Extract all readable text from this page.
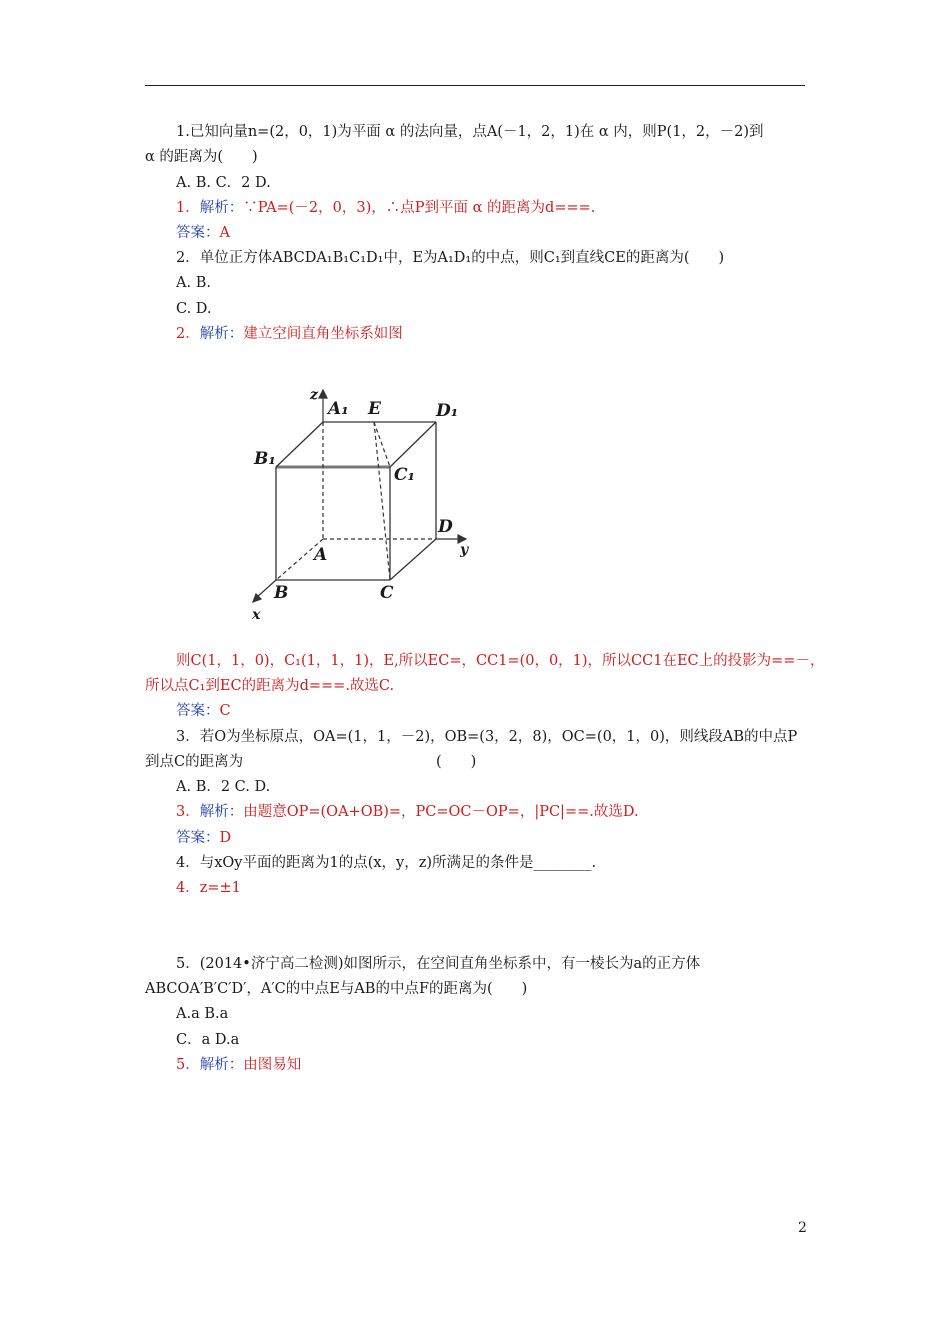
1.已知向量n=(2，0，1)为平面 α 的法向量，点A(－1，2，1)在 α 内，则P(1，2，－2)到
α 的距离为(　　)
A. B. C．2 D.
1．解析：∵PA=(－2，0，3)，∴点P到平面 α 的距离为d===.
答案：A
2．单位正方体ABCDA₁B₁C₁D₁中，E为A₁D₁的中点，则C₁到直线CE的距离为(　　)
A. B.
C. D.
2．解析：建立空间直角坐标系如图
z
A₁ E	D₁
B₁
C₁
D
A	y
B	C
x
则C(1，1，0)，C₁(1，1，1)，E,所以EC=，CC1=(0，0，1)，所以CC1在EC上的投影为==－，
所以点C₁到EC的距离为d===.故选C.
答案：C
3．若O为坐标原点，OA=(1，1，－2)，OB=(3，2，8)，OC=(0，1，0)，则线段AB的中点P
到点C的距离为	(　　)
A. B．2 C. D.
3．解析：由题意OP=(OA+OB)=，PC=OC－OP=，|PC|==.故选D.
答案：D
4．与xOy平面的距离为1的点(x，y，z)所满足的条件是________.
4．z=±1
5．(2014•济宁高二检测)如图所示，在空间直角坐标系中，有一棱长为a的正方体
ABCOA′B′C′D′，A′C的中点E与AB的中点F的距离为(　　)
A.a B.a
C．a D.a
5．解析：由图易知
2
